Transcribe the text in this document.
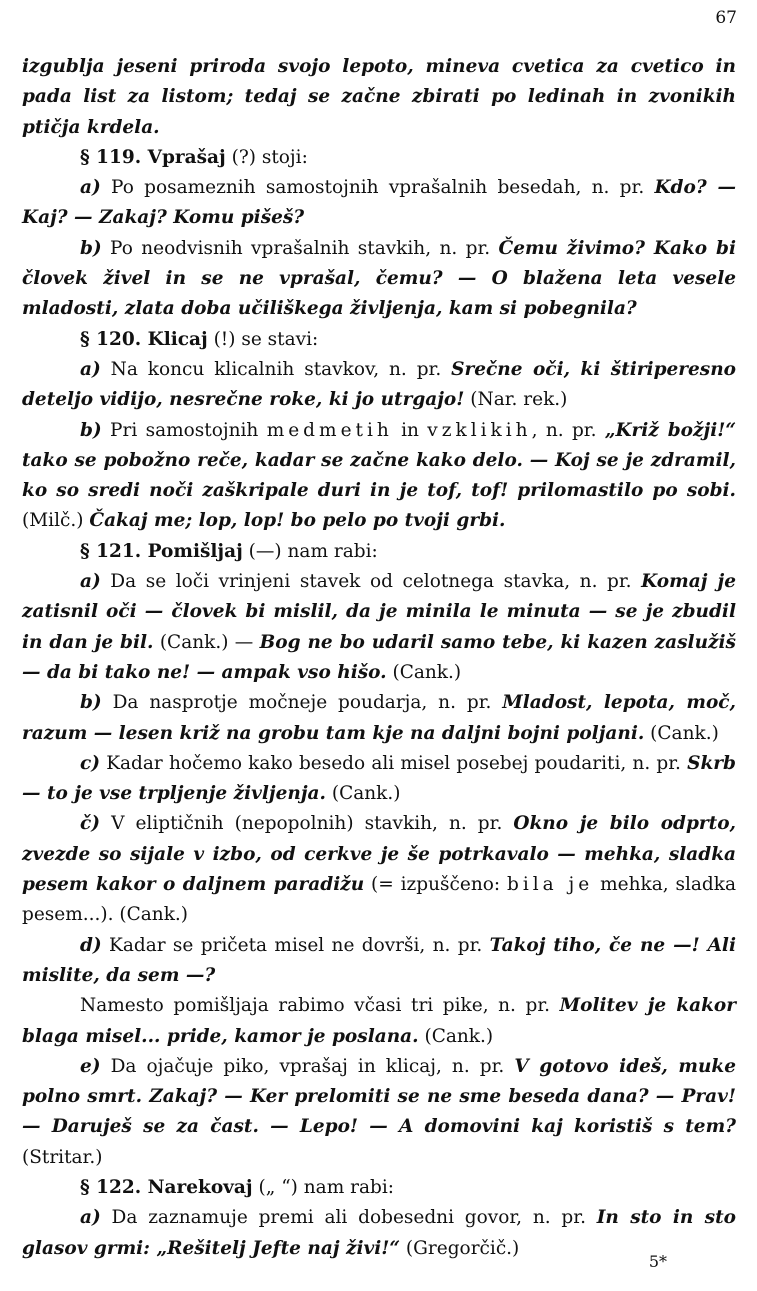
67

izgublja jeseni priroda svojo lepoto, mineva cvetica za cvetico in pada list za listom; tedaj se začne zbirati po ledinah in zvonikih ptičja krdela.

§ 119. Vprašaj (?) stoji:

a) Po posameznih samostojnih vprašalnih besedah, n. pr. Kdo? — Kaj? — Zakaj? Komu pišeš?

b) Po neodvisnih vprašalnih stavkih, n. pr. Čemu živimo? Kako bi človek živel in se ne vprašal, čemu? — O blažena leta vesele mladosti, zlata doba učiliškega življenja, kam si pobegnila?

§ 120. Klicaj (!) se stavi:

a) Na koncu klicalnih stavkov, n. pr. Srečne oči, ki štiriperesno deteljo vidijo, nesrečne roke, ki jo utrgajo! (Nar. rek.)

b) Pri samostojnih medmetih in vzklikih, n. pr. „Križ božji!“ tako se pobožno reče, kadar se začne kako delo. — Koj se je zdramil, ko so sredi noči zaškripale duri in je tof, tof! prilomastilo po sobi. (Milč.) Čakaj me; lop, lop! bo pelo po tvoji grbi.

§ 121. Pomišljaj (—) nam rabi:

a) Da se loči vrinjeni stavek od celotnega stavka, n. pr. Komaj je zatisnil oči — človek bi mislil, da je minila le minuta — se je zbudil in dan je bil. (Cank.) — Bog ne bo udaril samo tebe, ki kazen zaslužiš — da bi tako ne! — ampak vso hišo. (Cank.)

b) Da nasprotje močneje poudarja, n. pr. Mladost, lepota, moč, razum — lesen križ na grobu tam kje na daljni bojni poljani. (Cank.)

c) Kadar hočemo kako besedo ali misel posebej poudariti, n. pr. Skrb — to je vse trpljenje življenja. (Cank.)

č) V eliptičnih (nepopolnih) stavkih, n. pr. Okno je bilo odprto, zvezde so sijale v izbo, od cerkve je še potrkavalo — mehka, sladka pesem kakor o daljnem paradižu (= izpuščeno: bila je mehka, sladka pesem...). (Cank.)

d) Kadar se pričeta misel ne dovrši, n. pr. Takoj tiho, če ne —! Ali mislite, da sem —?

Namesto pomišljaja rabimo včasi tri pike, n. pr. Molitev je kakor blaga misel... pride, kamor je poslana. (Cank.)

e) Da ojačuje piko, vprašaj in klicaj, n. pr. V gotovo ideš, muke polno smrt. Zakaj? — Ker prelomiti se ne sme beseda dana? — Prav! — Daruješ se za čast. — Lepo! — A domovini kaj koristiš s tem? (Stritar.)

§ 122. Narekovaj („ “) nam rabi:

a) Da zaznamuje premi ali dobesedni govor, n. pr. In sto in sto glasov grmi: „Rešitelj Jefte naj živi!“ (Gregorčič.)

5*
